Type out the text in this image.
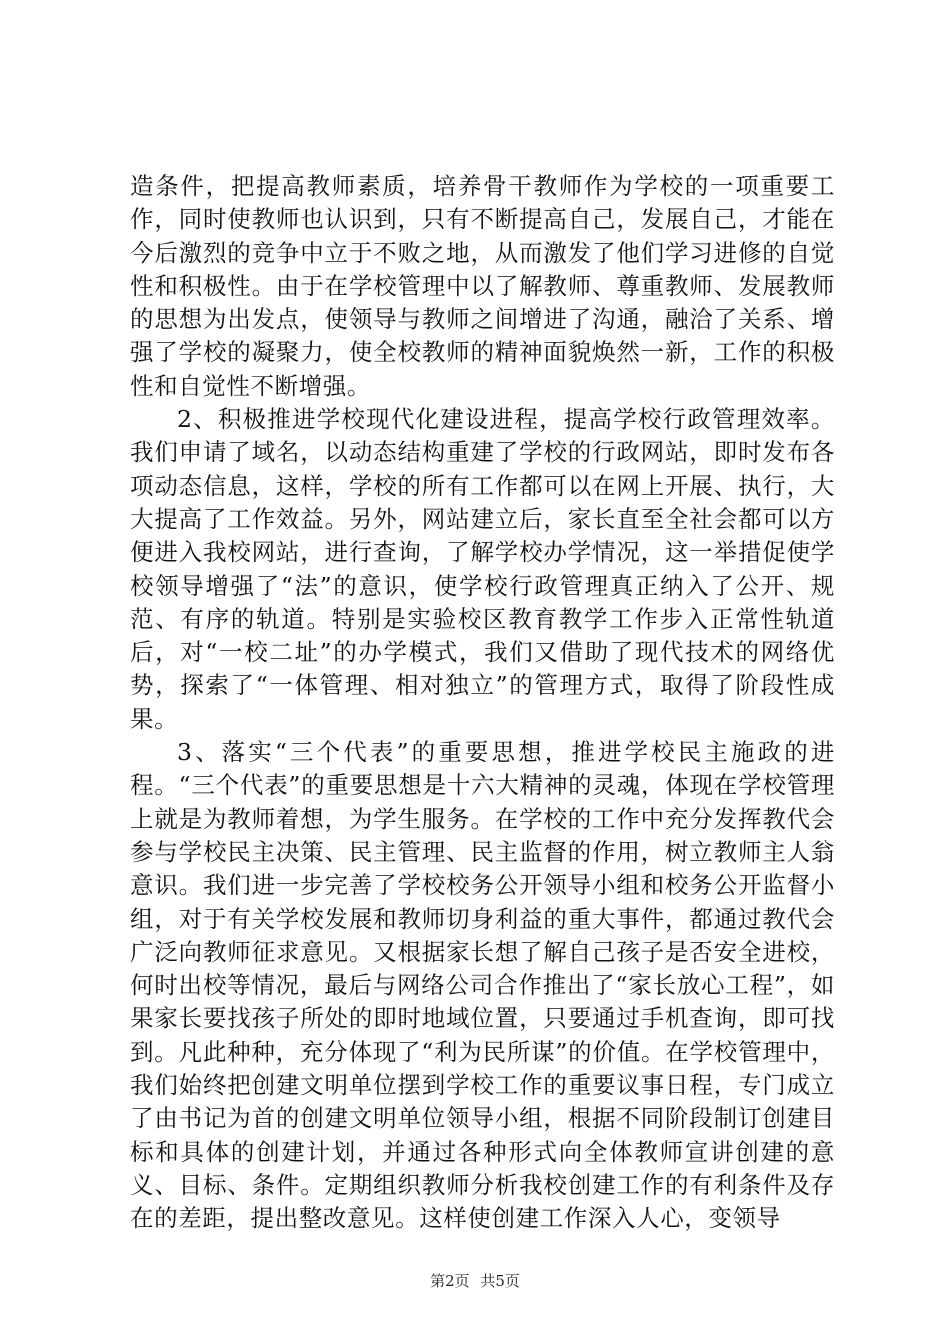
造条件，把提高教师素质，培养骨干教师作为学校的一项重要工作，同时使教师也认识到，只有不断提高自己，发展自己，才能在今后激烈的竞争中立于不败之地，从而激发了他们学习进修的自觉性和积极性。由于在学校管理中以了解教师、尊重教师、发展教师的思想为出发点，使领导与教师之间增进了沟通，融洽了关系、增强了学校的凝聚力，使全校教师的精神面貌焕然一新，工作的积极性和自觉性不断增强。

2、积极推进学校现代化建设进程，提高学校行政管理效率。我们申请了域名，以动态结构重建了学校的行政网站，即时发布各项动态信息，这样，学校的所有工作都可以在网上开展、执行，大大提高了工作效益。另外，网站建立后，家长直至全社会都可以方便进入我校网站，进行查询，了解学校办学情况，这一举措促使学校领导增强了“法”的意识，使学校行政管理真正纳入了公开、规范、有序的轨道。特别是实验校区教育教学工作步入正常性轨道后，对“一校二址”的办学模式，我们又借助了现代技术的网络优势，探索了“一体管理、相对独立”的管理方式，取得了阶段性成果。

3、落实“三个代表”的重要思想，推进学校民主施政的进程。“三个代表”的重要思想是十六大精神的灵魂，体现在学校管理上就是为教师着想，为学生服务。在学校的工作中充分发挥教代会参与学校民主决策、民主管理、民主监督的作用，树立教师主人翁意识。我们进一步完善了学校校务公开领导小组和校务公开监督小组，对于有关学校发展和教师切身利益的重大事件，都通过教代会广泛向教师征求意见。又根据家长想了解自己孩子是否安全进校，何时出校等情况，最后与网络公司合作推出了“家长放心工程”，如果家长要找孩子所处的即时地域位置，只要通过手机查询，即可找到。凡此种种，充分体现了“利为民所谋”的价值。在学校管理中，我们始终把创建文明单位摆到学校工作的重要议事日程，专门成立了由书记为首的创建文明单位领导小组，根据不同阶段制订创建目标和具体的创建计划，并通过各种形式向全体教师宣讲创建的意义、目标、条件。定期组织教师分析我校创建工作的有利条件及存在的差距，提出整改意见。这样使创建工作深入人心，变领导

第2页 共5页
